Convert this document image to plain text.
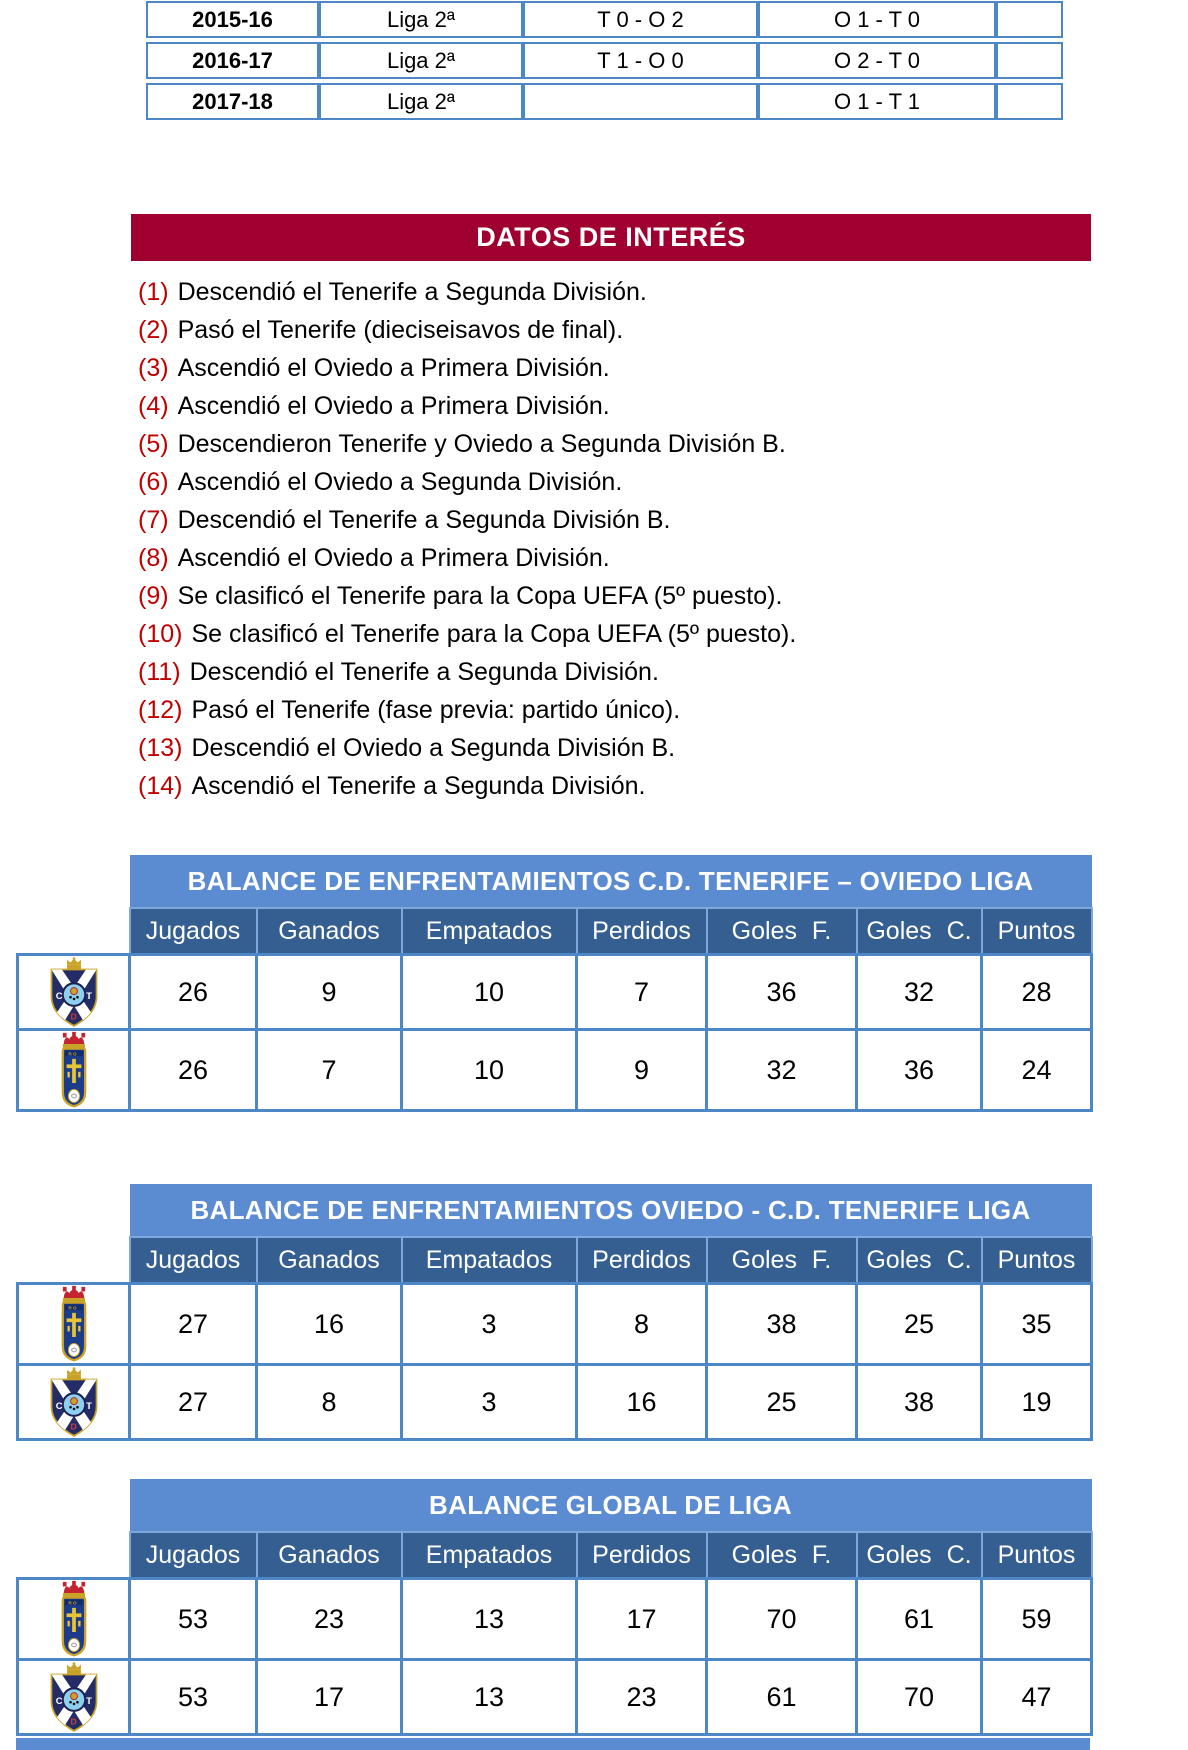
2015-16	Liga 2ª	T 0 - O 2	O 1 - T 0	
2016-17	Liga 2ª	T 1 - O 0	O 2 - T 0	
2017-18	Liga 2ª		O 1 - T 1	
DATOS DE INTERÉS
(1) Descendió el Tenerife a Segunda División.
(2) Pasó el Tenerife (dieciseisavos de final).
(3) Ascendió el Oviedo a Primera División.
(4) Ascendió el Oviedo a Primera División.
(5) Descendieron Tenerife y Oviedo a Segunda División B.
(6) Ascendió el Oviedo a Segunda División.
(7) Descendió el Tenerife a Segunda División B.
(8) Ascendió el Oviedo a Primera División.
(9) Se clasificó el Tenerife para la Copa UEFA (5º puesto).
(10) Se clasificó el Tenerife para la Copa UEFA (5º puesto).
(11) Descendió el Tenerife a Segunda División.
(12) Pasó el Tenerife (fase previa: partido único).
(13) Descendió el Oviedo a Segunda División B.
(14) Ascendió el Tenerife a Segunda División.
	BALANCE DE ENFRENTAMIENTOS C.D. TENERIFE – OVIEDO LIGA						
	Jugados	Ganados	Empatados	Perdidos	Goles F.	Goles C.	Puntos
	26	9	10	7	36	32	28
	26	7	10	9	32	36	24
	BALANCE DE ENFRENTAMIENTOS OVIEDO - C.D. TENERIFE LIGA						
	Jugados	Ganados	Empatados	Perdidos	Goles F.	Goles C.	Puntos
	27	16	3	8	38	25	35
	27	8	3	16	25	38	19
	BALANCE GLOBAL DE LIGA						
	Jugados	Ganados	Empatados	Perdidos	Goles F.	Goles C.	Puntos
	53	23	13	17	70	61	59
	53	17	13	23	61	70	47
